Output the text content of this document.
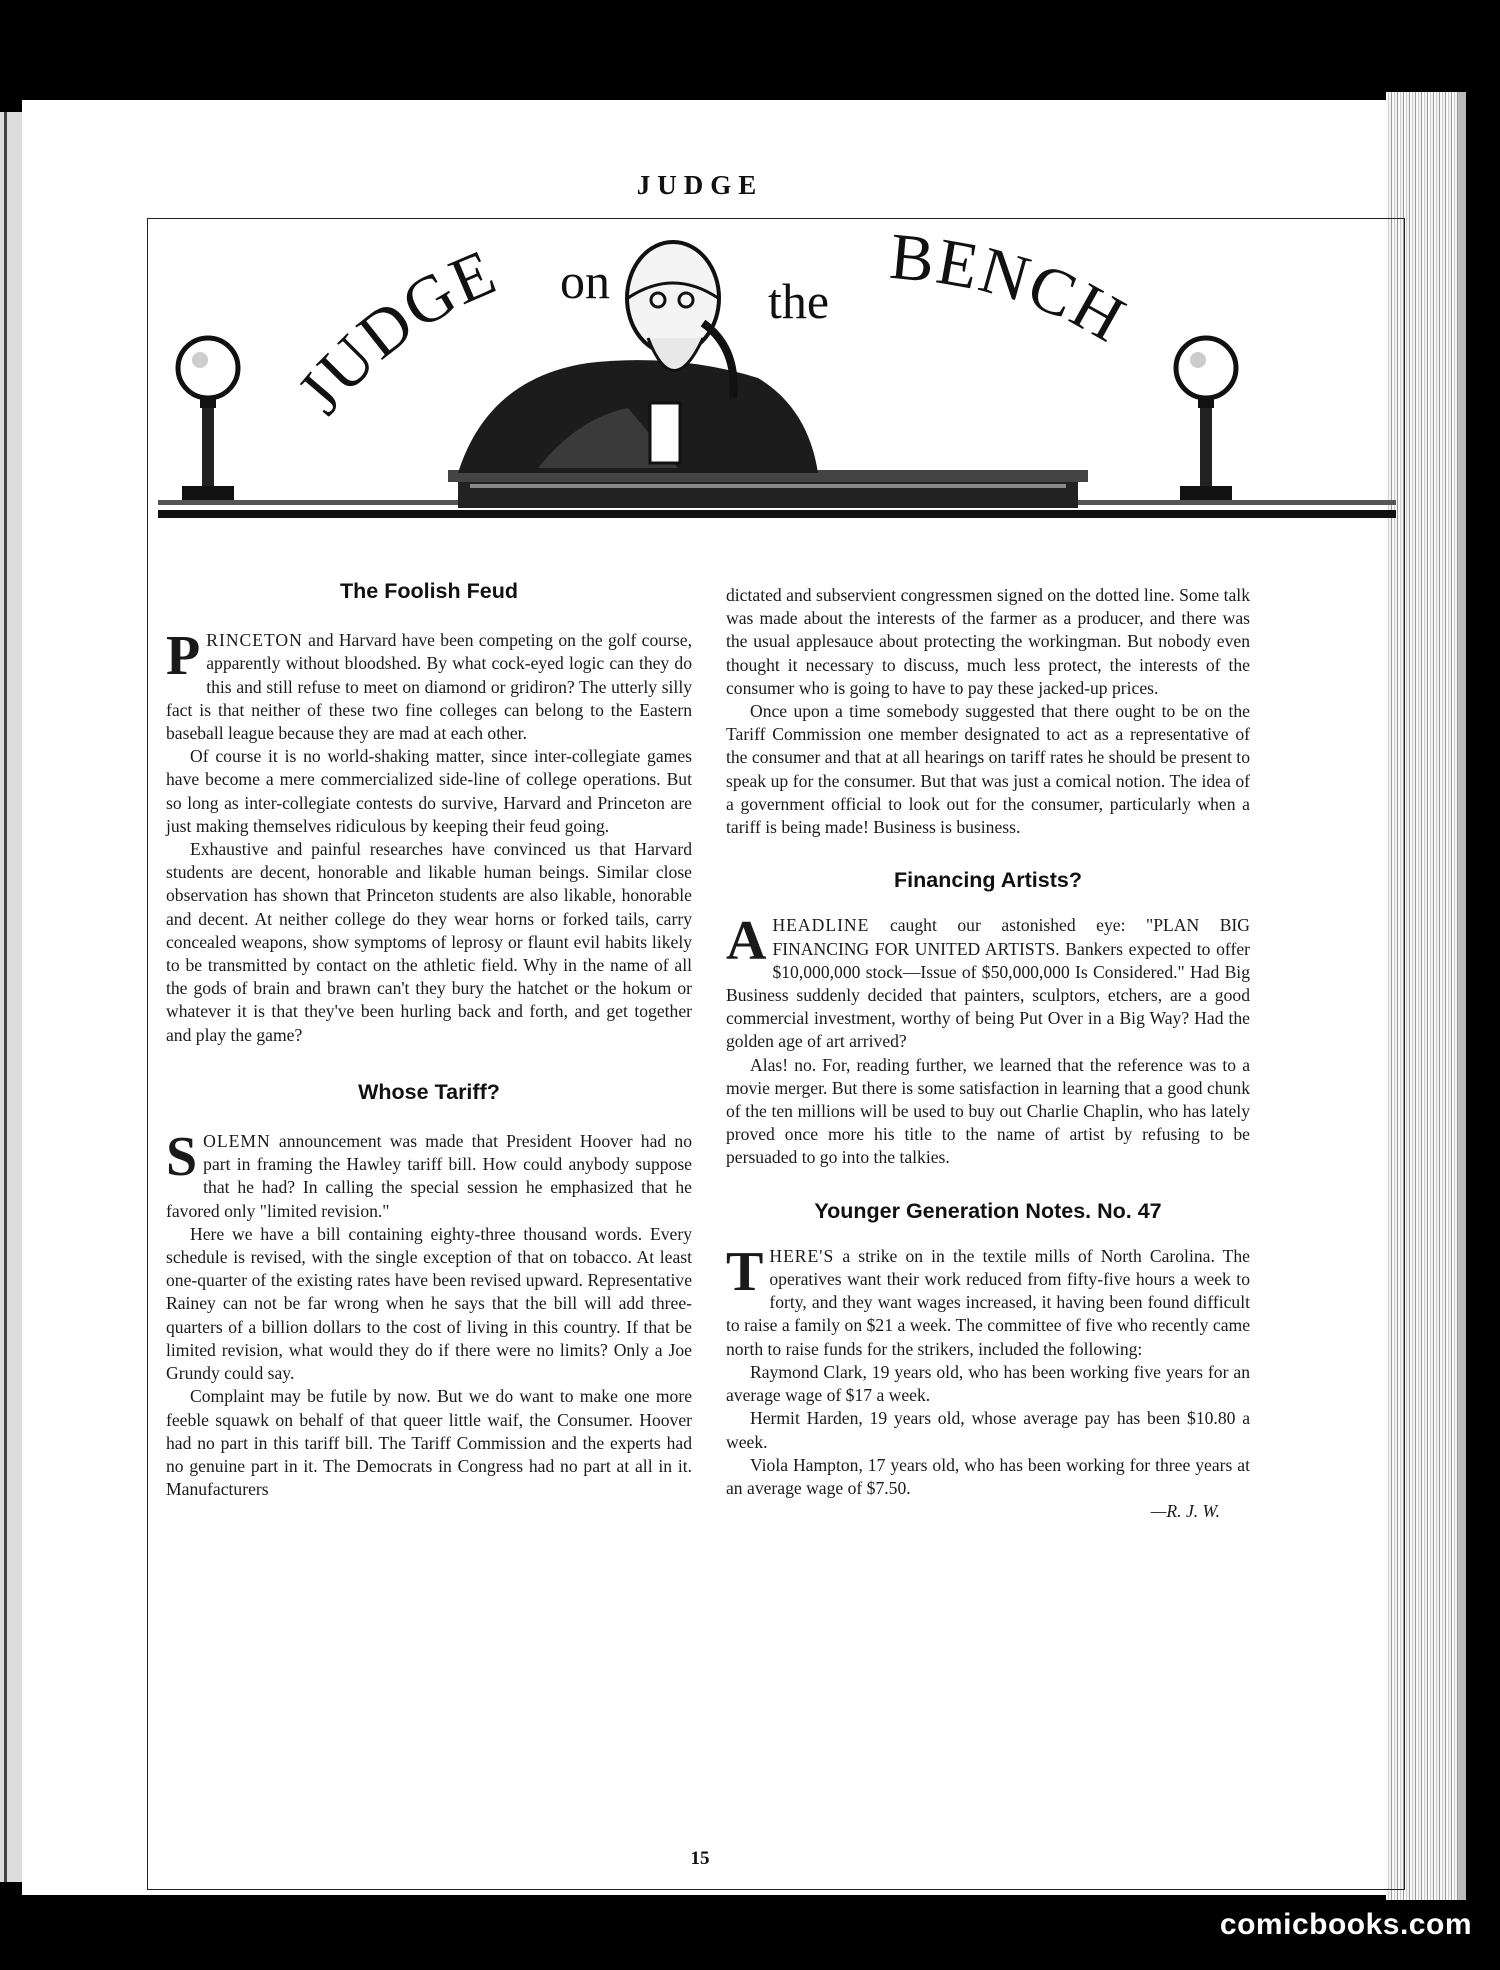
JUDGE
JUDGE on	the
BENCH
The Foolish Feud

PRINCETON and Harvard have been competing on the golf course, apparently without bloodshed. By what cock-eyed logic can they do this and still refuse to meet on diamond or gridiron? The utterly silly fact is that neither of these two fine colleges can belong to the Eastern baseball league because they are mad at each other.

Of course it is no world-shaking matter, since inter-collegiate games have become a mere commercialized side-line of college operations. But so long as inter-collegiate contests do survive, Harvard and Princeton are just making themselves ridiculous by keeping their feud going.

Exhaustive and painful researches have convinced us that Harvard students are decent, honorable and likable human beings. Similar close observation has shown that Princeton students are also likable, honorable and decent. At neither college do they wear horns or forked tails, carry concealed weapons, show symptoms of leprosy or flaunt evil habits likely to be transmitted by contact on the athletic field. Why in the name of all the gods of brain and brawn can't they bury the hatchet or the hokum or whatever it is that they've been hurling back and forth, and get together and play the game?

Whose Tariff?

SOLEMN announcement was made that President Hoover had no part in framing the Hawley tariff bill. How could anybody suppose that he had? In calling the special session he emphasized that he favored only "limited revision."

Here we have a bill containing eighty-three thousand words. Every schedule is revised, with the single exception of that on tobacco. At least one-quarter of the existing rates have been revised upward. Representative Rainey can not be far wrong when he says that the bill will add three-quarters of a billion dollars to the cost of living in this country. If that be limited revision, what would they do if there were no limits? Only a Joe Grundy could say.

Complaint may be futile by now. But we do want to make one more feeble squawk on behalf of that queer little waif, the Consumer. Hoover had no part in this tariff bill. The Tariff Commission and the experts had no genuine part in it. The Democrats in Congress had no part at all in it. Manufacturers

dictated and subservient congressmen signed on the dotted line. Some talk was made about the interests of the farmer as a producer, and there was the usual applesauce about protecting the workingman. But nobody even thought it necessary to discuss, much less protect, the interests of the consumer who is going to have to pay these jacked-up prices.

Once upon a time somebody suggested that there ought to be on the Tariff Commission one member designated to act as a representative of the consumer and that at all hearings on tariff rates he should be present to speak up for the consumer. But that was just a comical notion. The idea of a government official to look out for the consumer, particularly when a tariff is being made! Business is business.

Financing Artists?

AHEADLINE caught our astonished eye: "PLAN BIG FINANCING FOR UNITED ARTISTS. Bankers expected to offer $10,000,000 stock—Issue of $50,000,000 Is Considered." Had Big Business suddenly decided that painters, sculptors, etchers, are a good commercial investment, worthy of being Put Over in a Big Way? Had the golden age of art arrived?

Alas! no. For, reading further, we learned that the reference was to a movie merger. But there is some satisfaction in learning that a good chunk of the ten millions will be used to buy out Charlie Chaplin, who has lately proved once more his title to the name of artist by refusing to be persuaded to go into the talkies.

Younger Generation Notes. No. 47

THERE'S a strike on in the textile mills of North Carolina. The operatives want their work reduced from fifty-five hours a week to forty, and they want wages increased, it having been found difficult to raise a family on $21 a week. The committee of five who recently came north to raise funds for the strikers, included the following:

Raymond Clark, 19 years old, who has been working five years for an average wage of $17 a week.

Hermit Harden, 19 years old, whose average pay has been $10.80 a week.

Viola Hampton, 17 years old, who has been working for three years at an average wage of $7.50.

—R. J. W.
15
comicbooks.com
